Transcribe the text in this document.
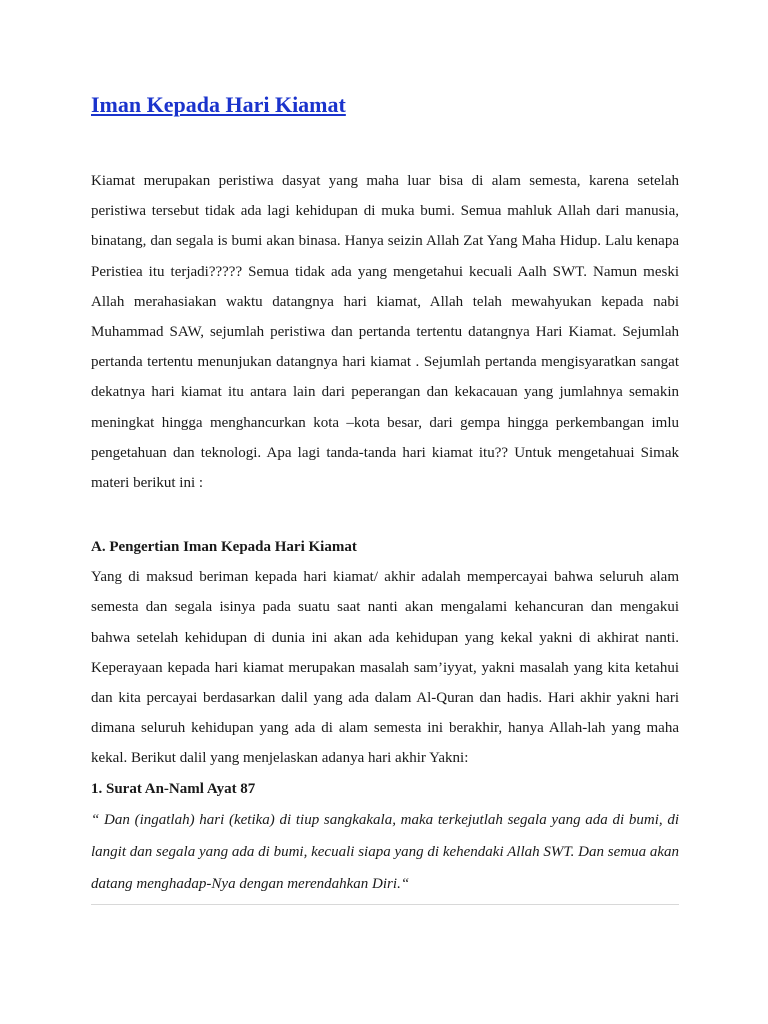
Iman Kepada Hari Kiamat

Kiamat merupakan peristiwa dasyat yang maha luar bisa di alam semesta, karena setelah peristiwa tersebut tidak ada lagi kehidupan di muka bumi. Semua mahluk Allah dari manusia, binatang, dan segala is bumi akan binasa. Hanya seizin Allah Zat Yang Maha Hidup. Lalu kenapa Peristiea itu terjadi????? Semua tidak ada yang mengetahui kecuali Aalh SWT. Namun meski Allah merahasiakan waktu datangnya hari kiamat, Allah telah mewahyukan kepada nabi Muhammad SAW, sejumlah peristiwa dan pertanda tertentu datangnya Hari Kiamat. Sejumlah pertanda tertentu menunjukan datangnya hari kiamat . Sejumlah pertanda mengisyaratkan sangat dekatnya hari kiamat itu antara lain dari peperangan dan kekacauan yang jumlahnya semakin meningkat hingga menghancurkan kota –kota besar, dari gempa hingga perkembangan imlu pengetahuan dan teknologi. Apa lagi tanda-tanda hari kiamat itu?? Untuk mengetahuai Simak materi berikut ini :

A. Pengertian Iman Kepada Hari Kiamat

Yang di maksud beriman kepada hari kiamat/ akhir adalah mempercayai bahwa seluruh alam semesta dan segala isinya pada suatu saat nanti akan mengalami kehancuran dan mengakui bahwa setelah kehidupan di dunia ini akan ada kehidupan yang kekal yakni di akhirat nanti. Keperayaan kepada hari kiamat merupakan masalah sam’iyyat, yakni masalah yang kita ketahui dan kita percayai berdasarkan dalil yang ada dalam Al-Quran dan hadis. Hari akhir yakni hari dimana seluruh kehidupan yang ada di alam semesta ini berakhir, hanya Allah-lah yang maha kekal. Berikut dalil yang menjelaskan adanya hari akhir Yakni:

1. Surat An-Naml Ayat 87

“ Dan (ingatlah) hari (ketika) di tiup sangkakala, maka terkejutlah segala yang ada di bumi, di langit dan segala yang ada di bumi, kecuali siapa yang di kehendaki Allah SWT. Dan semua akan datang menghadap-Nya dengan merendahkan Diri.“
